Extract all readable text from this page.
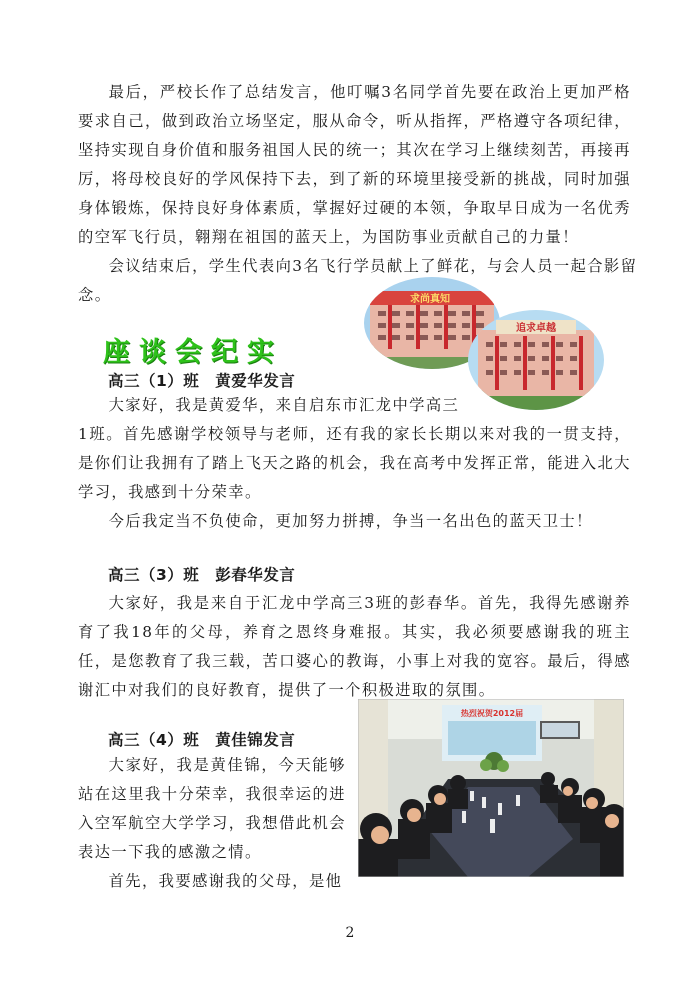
最后，严校长作了总结发言，他叮嘱3名同学首先要在政治上更加严格要求自己，做到政治立场坚定，服从命令，听从指挥，严格遵守各项纪律，坚持实现自身价值和服务祖国人民的统一；其次在学习上继续刻苦，再接再厉，将母校良好的学风保持下去，到了新的环境里接受新的挑战，同时加强身体锻炼，保持良好身体素质，掌握好过硬的本领，争取早日成为一名优秀的空军飞行员，翱翔在祖国的蓝天上，为国防事业贡献自己的力量！

会议结束后，学生代表向3名飞行学员献上了鲜花，与会人员一起合影留

念。	求尚真知
追求卓越
座谈会纪实
高三（1）班　黄爱华发言

大家好，我是黄爱华，来自启东市汇龙中学高三

1班。首先感谢学校领导与老师，还有我的家长长期以来对我的一贯支持，是你们让我拥有了踏上飞天之路的机会，我在高考中发挥正常，能进入北大学习，我感到十分荣幸。

今后我定当不负使命，更加努力拼搏，争当一名出色的蓝天卫士！

高三（3）班　彭春华发言

大家好，我是来自于汇龙中学高三3班的彭春华。首先，我得先感谢养育了我18年的父母，养育之恩终身难报。其实，我必须要感谢我的班主任，是您教育了我三载，苦口婆心的教诲，小事上对我的宽容。最后，得感谢汇中对我们的良好教育，提供了一个积极进取的氛围。

高三（4）班　黄佳锦发言

大家好，我是黄佳锦，今天能够站在这里我十分荣幸，我很幸运的进入空军航空大学学习，我想借此机会表达一下我的感激之情。

首先，我要感谢我的父母，是他

热烈祝贺2012届
2
